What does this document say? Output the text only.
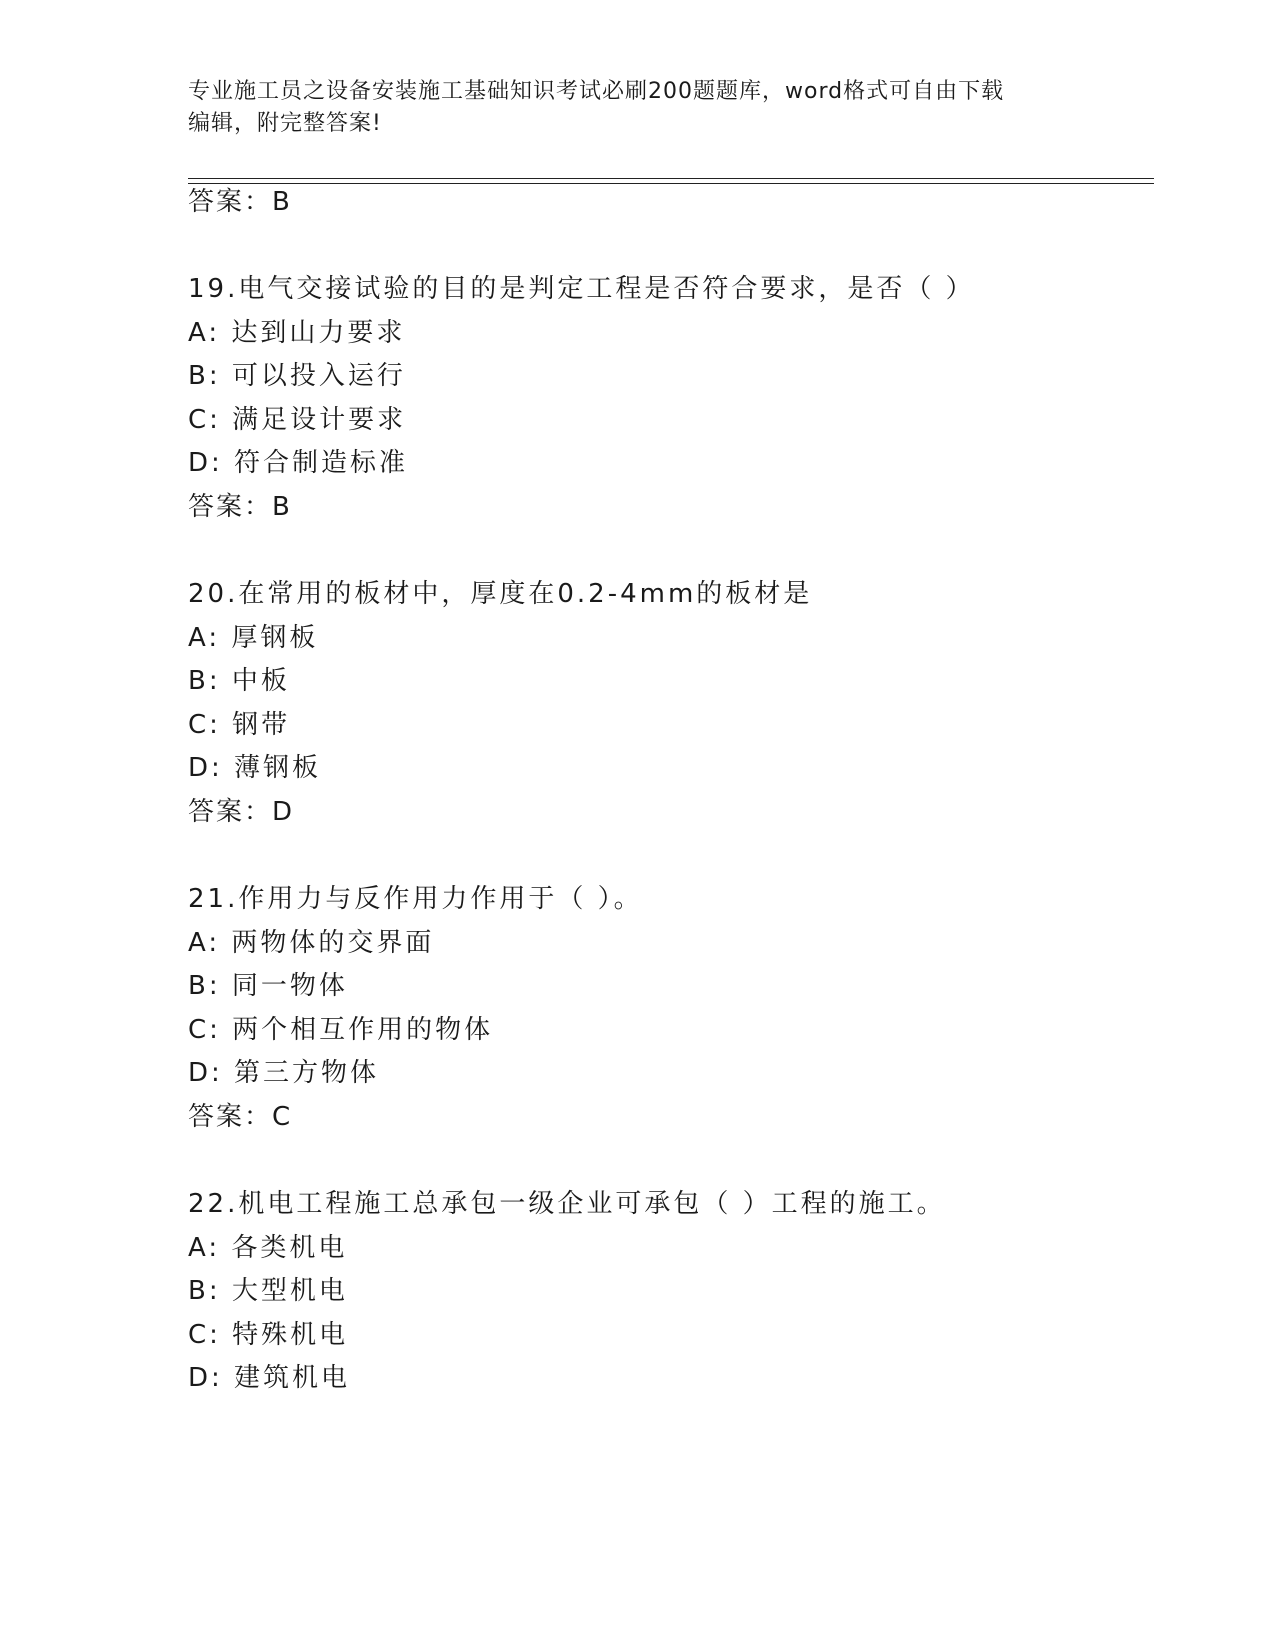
专业施工员之设备安装施工基础知识考试必刷200题题库，word格式可自由下载
编辑，附完整答案!
答案：B
19.电气交接试验的目的是判定工程是否符合要求，是否（ ）
A: 达到山力要求
B: 可以投入运行
C: 满足设计要求
D: 符合制造标准
答案：B
20.在常用的板材中，厚度在0.2-4mm的板材是
A: 厚钢板
B: 中板
C: 钢带
D: 薄钢板
答案：D
21.作用力与反作用力作用于（ ）。
A: 两物体的交界面
B: 同一物体
C: 两个相互作用的物体
D: 第三方物体
答案：C
22.机电工程施工总承包一级企业可承包（ ）工程的施工。
A: 各类机电
B: 大型机电
C: 特殊机电
D: 建筑机电
